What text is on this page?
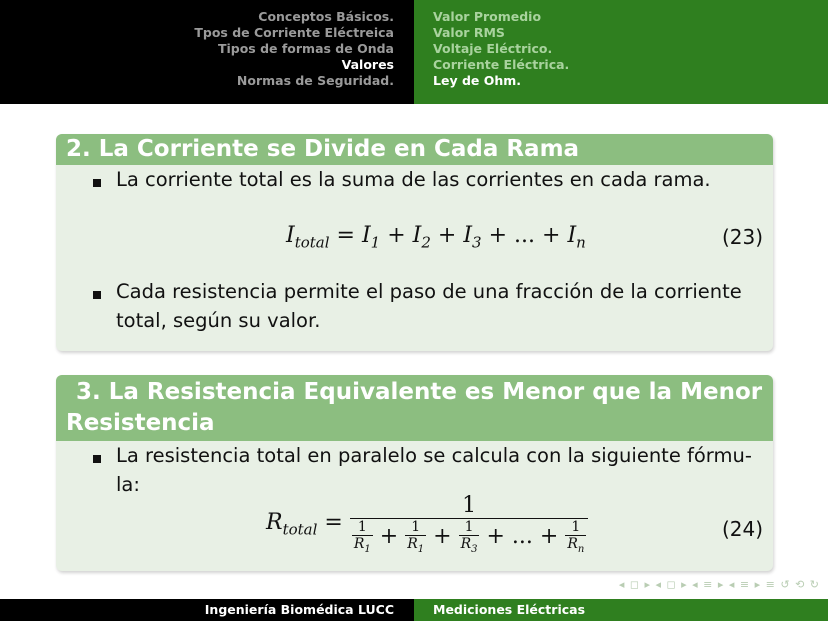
Conceptos Básicos.
Tpos de Corriente Eléctreica
Tipos de formas de Onda
Valores
Normas de Seguridad.
Valor Promedio
Valor RMS
Voltaje Eléctrico.
Corriente Eléctrica.
Ley de Ohm.
2. La Corriente se Divide en Cada Rama
La corriente total es la suma de las corrientes en cada rama.
$I_{total} = I_1 + I_2 + I_3$ + ... + $I_n$	(23)
Cada resistencia permite el paso de una fracción de la corriente total, según su valor.
3. La Resistencia Equivalente es Menor que la Menor
Resistencia
La resistencia total en paralelo se calcula con la siguiente fórmu-
la:
$R_{total}$ =
1
$\frac{1}{R_1} + \frac{1}{R_1} + \frac{1}{R_3}$ + ... + $\frac{1}{R_n}$	(24)
◂ ◻ ▸ ◂ ◻ ▸ ◂ ≡ ▸ ◂ ≡ ▸ ≡ ↺ ⟲ ↻
Ingeniería Biomédica LUCC	Mediciones Eléctricas
